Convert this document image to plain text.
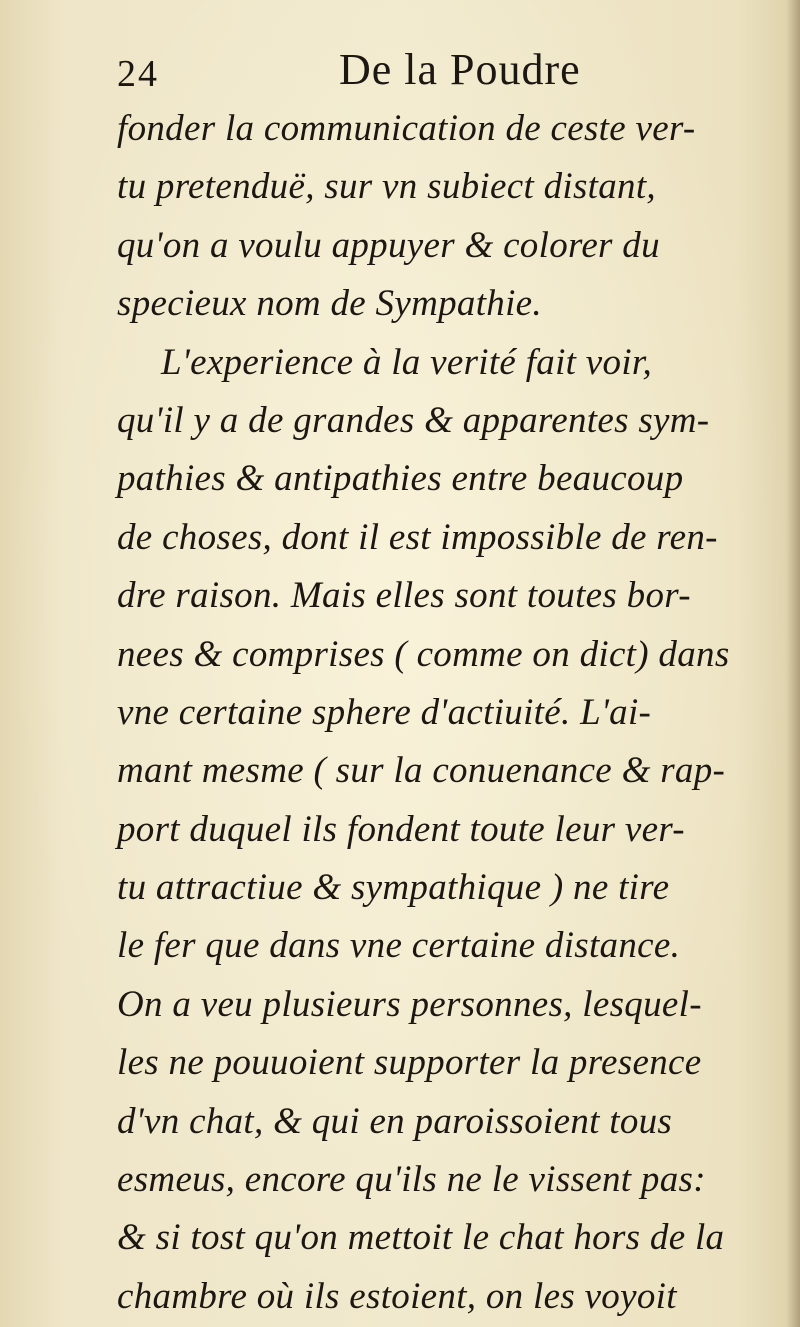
24	De la Poudre
fonder la communication de ceste ver-
tu pretenduë, sur vn subiect distant,
qu'on a voulu appuyer & colorer du
specieux nom de Sympathie.
L'experience à la verité fait voir,
qu'il y a de grandes & apparentes sym-
pathies & antipathies entre beaucoup
de choses, dont il est impossible de ren-
dre raison. Mais elles sont toutes bor-
nees & comprises ( comme on dict) dans
vne certaine sphere d'actiuité. L'ai-
mant mesme ( sur la conuenance & rap-
port duquel ils fondent toute leur ver-
tu attractiue & sympathique ) ne tire
le fer que dans vne certaine distance.
On a veu plusieurs personnes, lesquel-
les ne pouuoient supporter la presence
d'vn chat, & qui en paroissoient tous
esmeus, encore qu'ils ne le vissent pas:
& si tost qu'on mettoit le chat hors de la
chambre où ils estoient, on les voyoit
